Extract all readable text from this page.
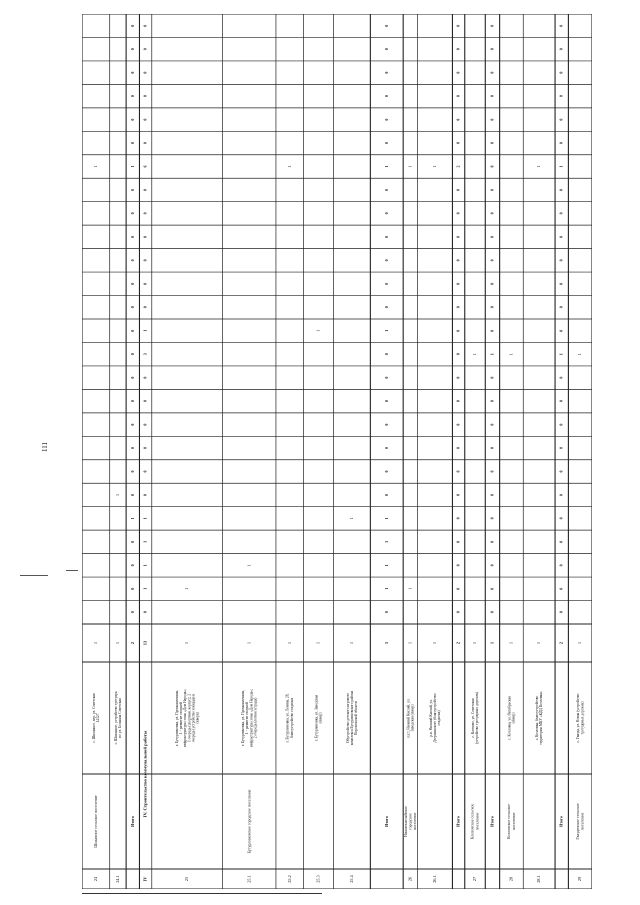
111
24
Шиханное сельское поселение
с. Шиханное, пер. ул. Советская14127
1
1
24.1
с. Шиханное, устройство тротуарапо ул. Большая Советская
1
1
Итого
2
0
0
0
0
1
0
0
0
0
0
0
0
0
0
0
0
0
0
0
1
0
0
0
0
0
0
IV
IV. Строительство коммунальной работы
13
0
1
1
1
1
0
0
0
0
0
0
3
1
0
0
0
0
0
0
6
0
0
0
0
0
0
25
г. Бутурлиновка, ул. Промышленная,1 - развитие опорнойинфраструктуры зоны «Дом Народа»;1 очередь (спортивн. корпус); 2очередь (устройство площади исквера)
1
1
25.1
Бутурлиновское городское поселение
г. Бутурлиновка, ул. Промышленная,1 - развитие опорнойинфраструктуры зоны «Дом Народа»;2 очередь (летняя эстрада)
1
1
25.2
г. Бутурлиновка, ул. Ленина, 28,благоустройство стадиона
1
1
25.3
г. Бутурлиновка, ул. Заводская(сквер)
1
1
25.4
Обустройство детского игровогокомплекса Бутурлиновского районаВоронежской области
1
1
Итого
5
0
1
1
1
1
0
0
0
0
0
0
0
1
0
0
0
0
0
0
1
0
0
0
0
0
0
26
Нижнекисляйскоегородскоепоселение
п.г.т. Нижний Кисляй, ул.Заводская (сквер)
1
1
1
26.1
р.п. Нижний Кисляй, ул.Дзержинского (благоустройствостадиона)
1
1
Итого
2
0
0
0
0
0
0
0
0
0
0
0
0
0
0
0
0
0
0
0
2
0
0
0
0
0
0
27
Клеповское сельскоепоселение
с. Клепово, ул. Советская(устройство тротуарных дорожек)
1
1
Итого
1
0
0
0
0
0
0
0
0
0
0
0
1
0
0
0
0
0
0
0
0
0
0
0
0
0
0
28
Козловское сельскоепоселение
с. Козловка, ул. Октябрьская(сквер)
1
1
28.1
с. Козловка, благоустройствотерритории МКУ «КДЦ Козловка»
1
1
Итого
2
0
0
0
0
0
0
0
0
0
0
0
1
0
0
0
0
0
0
0
1
0
0
0
0
0
0
29
Гвазденское сельскоепоселение
с. Гвазда, ул. Новая (устройствотротуарных дорожек)
1
1
